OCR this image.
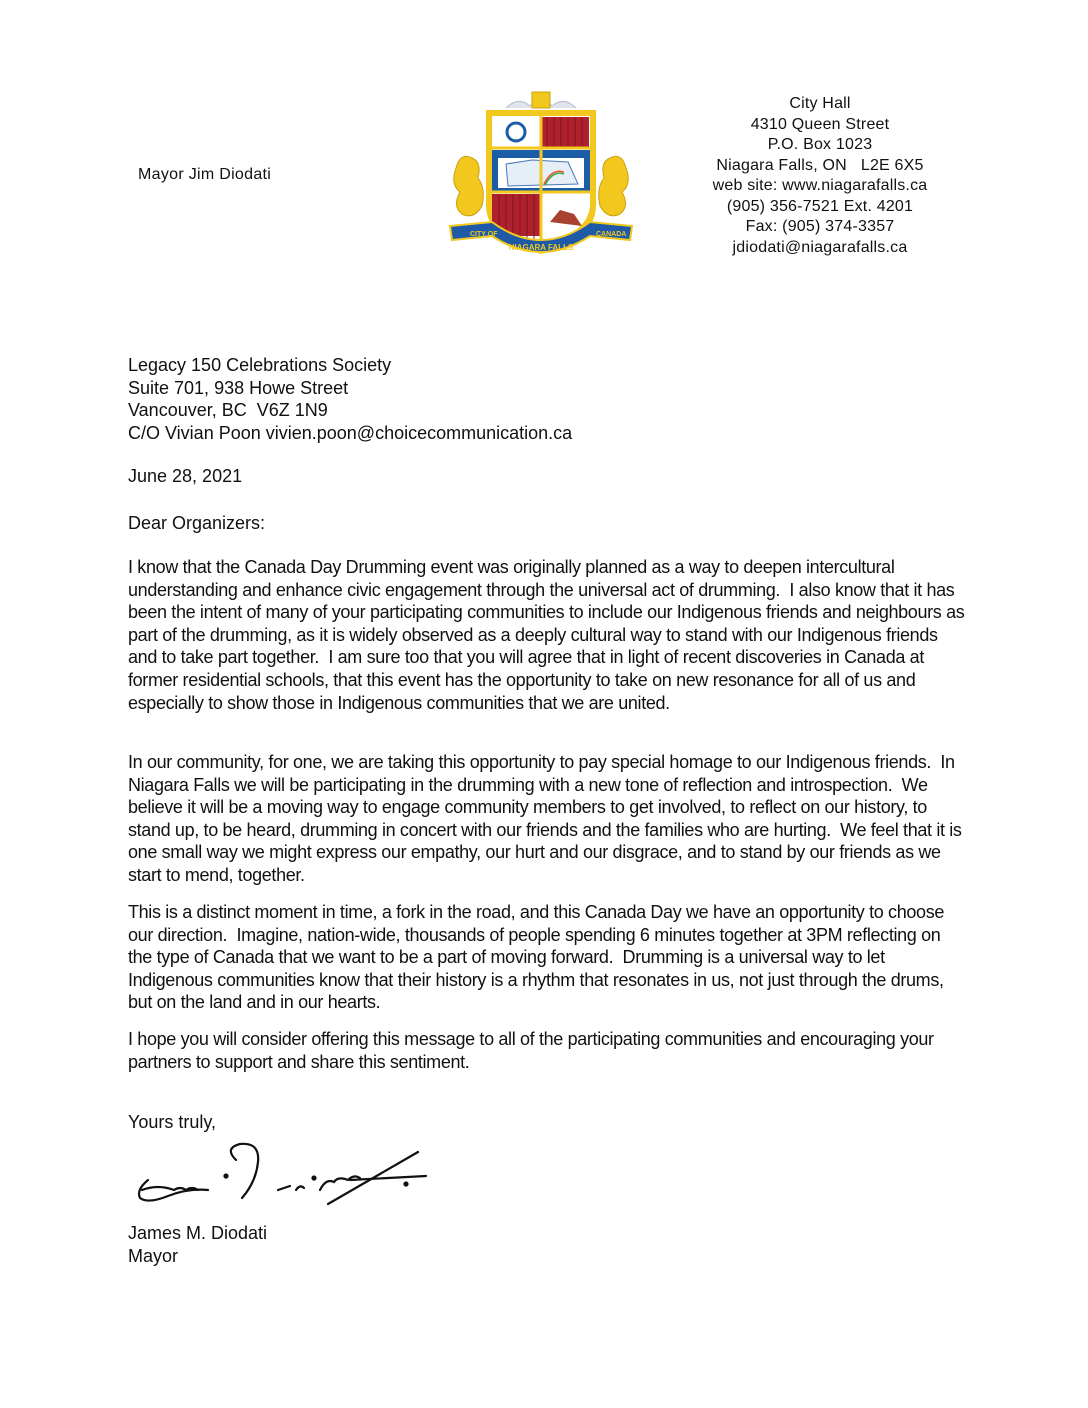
Mayor Jim Diodati
CITY OF
NIAGARA FALLS
CANADA
City Hall
4310 Queen Street
P.O. Box 1023
Niagara Falls, ON   L2E 6X5
web site: www.niagarafalls.ca
(905) 356-7521 Ext. 4201
Fax: (905) 374-3357
jdiodati@niagarafalls.ca
Legacy 150 Celebrations Society
Suite 701, 938 Howe Street
Vancouver, BC  V6Z 1N9
C/O Vivian Poon vivien.poon@choicecommunication.ca
June 28, 2021
Dear Organizers:
I know that the Canada Day Drumming event was originally planned as a way to deepen intercultural understanding and enhance civic engagement through the universal act of drumming.  I also know that it has been the intent of many of your participating communities to include our Indigenous friends and neighbours as part of the drumming, as it is widely observed as a deeply cultural way to stand with our Indigenous friends and to take part together.  I am sure too that you will agree that in light of recent discoveries in Canada at former residential schools, that this event has the opportunity to take on new resonance for all of us and especially to show those in Indigenous communities that we are united.
In our community, for one, we are taking this opportunity to pay special homage to our Indigenous friends.  In Niagara Falls we will be participating in the drumming with a new tone of reflection and introspection.  We believe it will be a moving way to engage community members to get involved, to reflect on our history, to stand up, to be heard, drumming in concert with our friends and the families who are hurting.  We feel that it is one small way we might express our empathy, our hurt and our disgrace, and to stand by our friends as we start to mend, together.
This is a distinct moment in time, a fork in the road, and this Canada Day we have an opportunity to choose our direction.  Imagine, nation-wide, thousands of people spending 6 minutes together at 3PM reflecting on the type of Canada that we want to be a part of moving forward.  Drumming is a universal way to let Indigenous communities know that their history is a rhythm that resonates in us, not just through the drums, but on the land and in our hearts.
I hope you will consider offering this message to all of the participating communities and encouraging your partners to support and share this sentiment.
Yours truly,
James M. Diodati
Mayor
